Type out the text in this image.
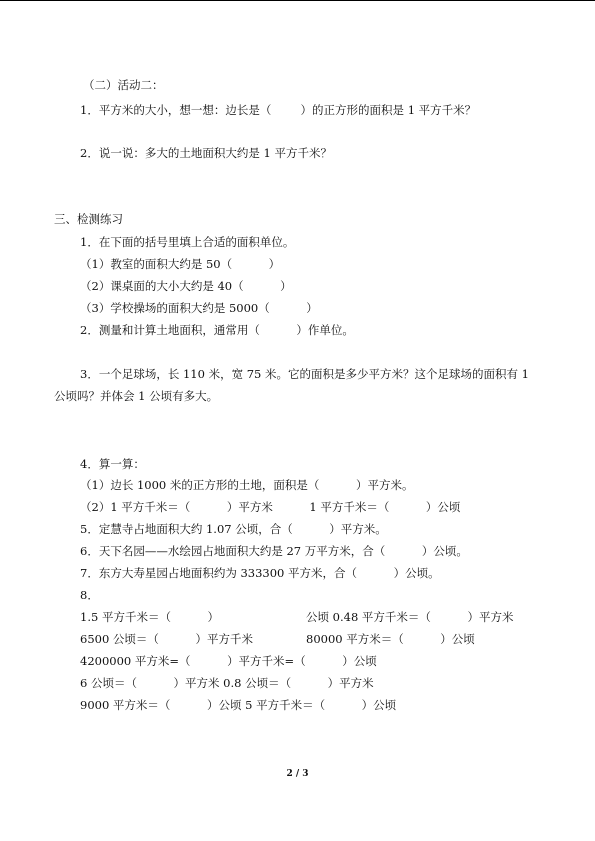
（二）活动二：
1．平方米的大小，想一想：边长是（        ）的正方形的面积是 1 平方千米？
2．说一说：多大的土地面积大约是 1 平方千米？
三、检测练习
1．在下面的括号里填上合适的面积单位。
（1）教室的面积大约是 50（          ）
（2）课桌面的大小大约是 40（          ）
（3）学校操场的面积大约是 5000（          ）
2．测量和计算土地面积，通常用（          ）作单位。
3．一个足球场，长 110 米，宽 75 米。它的面积是多少平方米？这个足球场的面积有 1
公顷吗？并体会 1 公顷有多大。
4．算一算：
（1）边长 1000 米的正方形的土地，面积是（          ）平方米。
（2）1 平方千米＝（          ）平方米          1 平方千米＝（          ）公顷
5．定慧寺占地面积大约 1.07 公顷，合（          ）平方米。
6．天下名园——水绘园占地面积大约是 27 万平方米，合（          ）公顷。
7．东方大寿星园占地面积约为 333300 平方米，合（          ）公顷。
8．
1.5 平方千米＝（          ）	公顷 0.48 平方千米＝（          ）平方米
6500 公顷＝（          ）平方千米	80000 平方米＝（          ）公顷
4200000 平方米=（          ）平方千米=（          ）公顷
6 公顷＝（          ）平方米 0.8 公顷＝（          ）平方米
9000 平方米＝（          ）公顷 5 平方千米＝（          ）公顷
2 / 3
